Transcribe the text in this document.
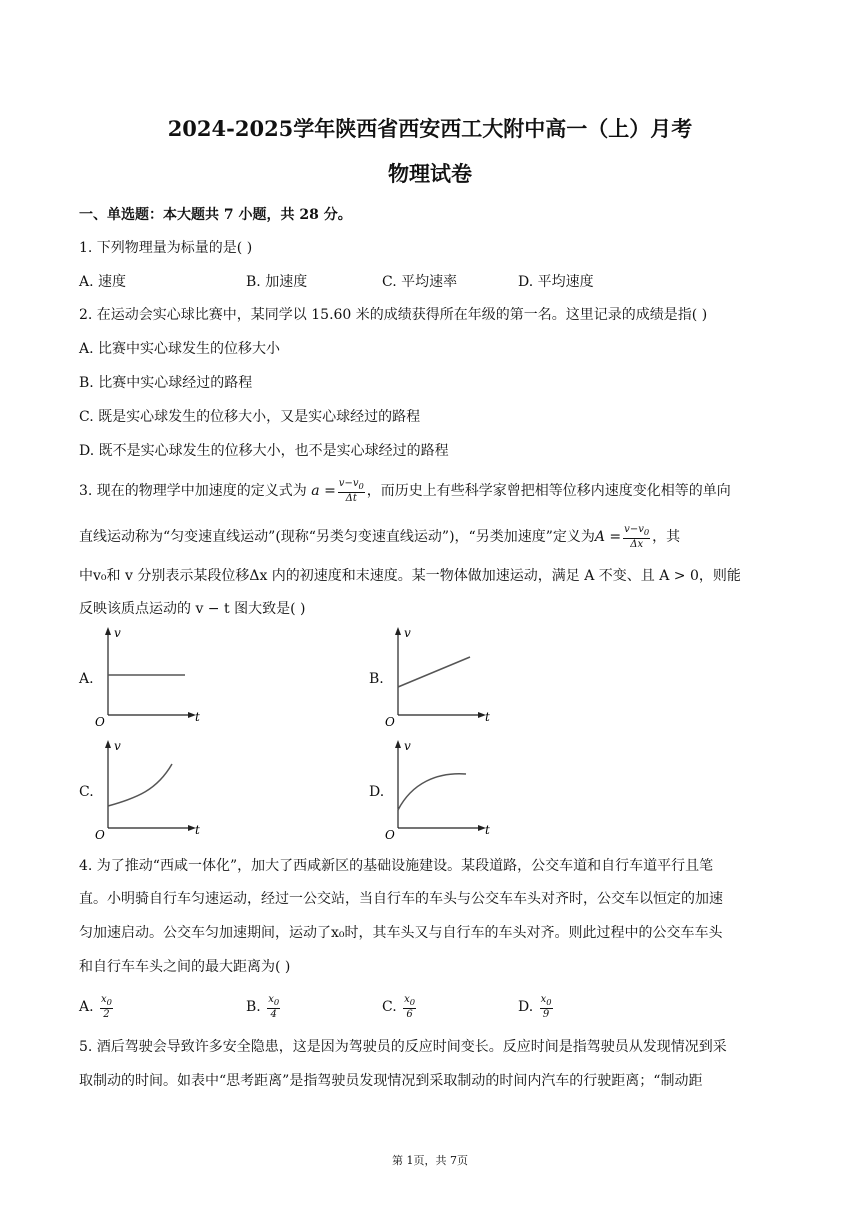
2024-2025学年陕西省西安西工大附中高一（上）月考
物理试卷
一、单选题：本大题共 7 小题，共 28 分。
1. 下列物理量为标量的是( )
A. 速度	B. 加速度	C. 平均速率	D. 平均速度
2. 在运动会实心球比赛中，某同学以 15.60 米的成绩获得所在年级的第一名。这里记录的成绩是指( )
A. 比赛中实心球发生的位移大小
B. 比赛中实心球经过的路程
C. 既是实心球发生的位移大小，又是实心球经过的路程
D. 既不是实心球发生的位移大小，也不是实心球经过的路程
3. 现在的物理学中加速度的定义式为 $a = \frac{v-v_0}{\Delta t}$ ，而历史上有些科学家曾把相等位移内速度变化相等的单向
直线运动称为“匀变速直线运动”(现称“另类匀变速直线运动”)，“另类加速度”定义为$A = \frac{v-v_0}{\Delta x}$ ，其
中v₀和 v 分别表示某段位移Δx 内的初速度和末速度。某一物体做加速运动，满足 A 不变、且 A > 0，则能
反映该质点运动的 v − t 图大致是( )
A.	B.
C.	D.
v
t
O
v
t
O
v
t
O
v
t
O
4. 为了推动“西咸一体化”，加大了西咸新区的基础设施建设。某段道路，公交车道和自行车道平行且笔
直。小明骑自行车匀速运动，经过一公交站，当自行车的车头与公交车车头对齐时，公交车以恒定的加速
匀加速启动。公交车匀加速期间，运动了x₀时，其车头又与自行车的车头对齐。则此过程中的公交车车头
和自行车车头之间的最大距离为( )
A. $\frac{x_0}{2}$	B. $\frac{x_0}{4}$	C. $\frac{x_0}{6}$	D. $\frac{x_0}{9}$
5. 酒后驾驶会导致许多安全隐患，这是因为驾驶员的反应时间变长。反应时间是指驾驶员从发现情况到采
取制动的时间。如表中“思考距离”是指驾驶员发现情况到采取制动的时间内汽车的行驶距离；“制动距
第 1页，共 7页
